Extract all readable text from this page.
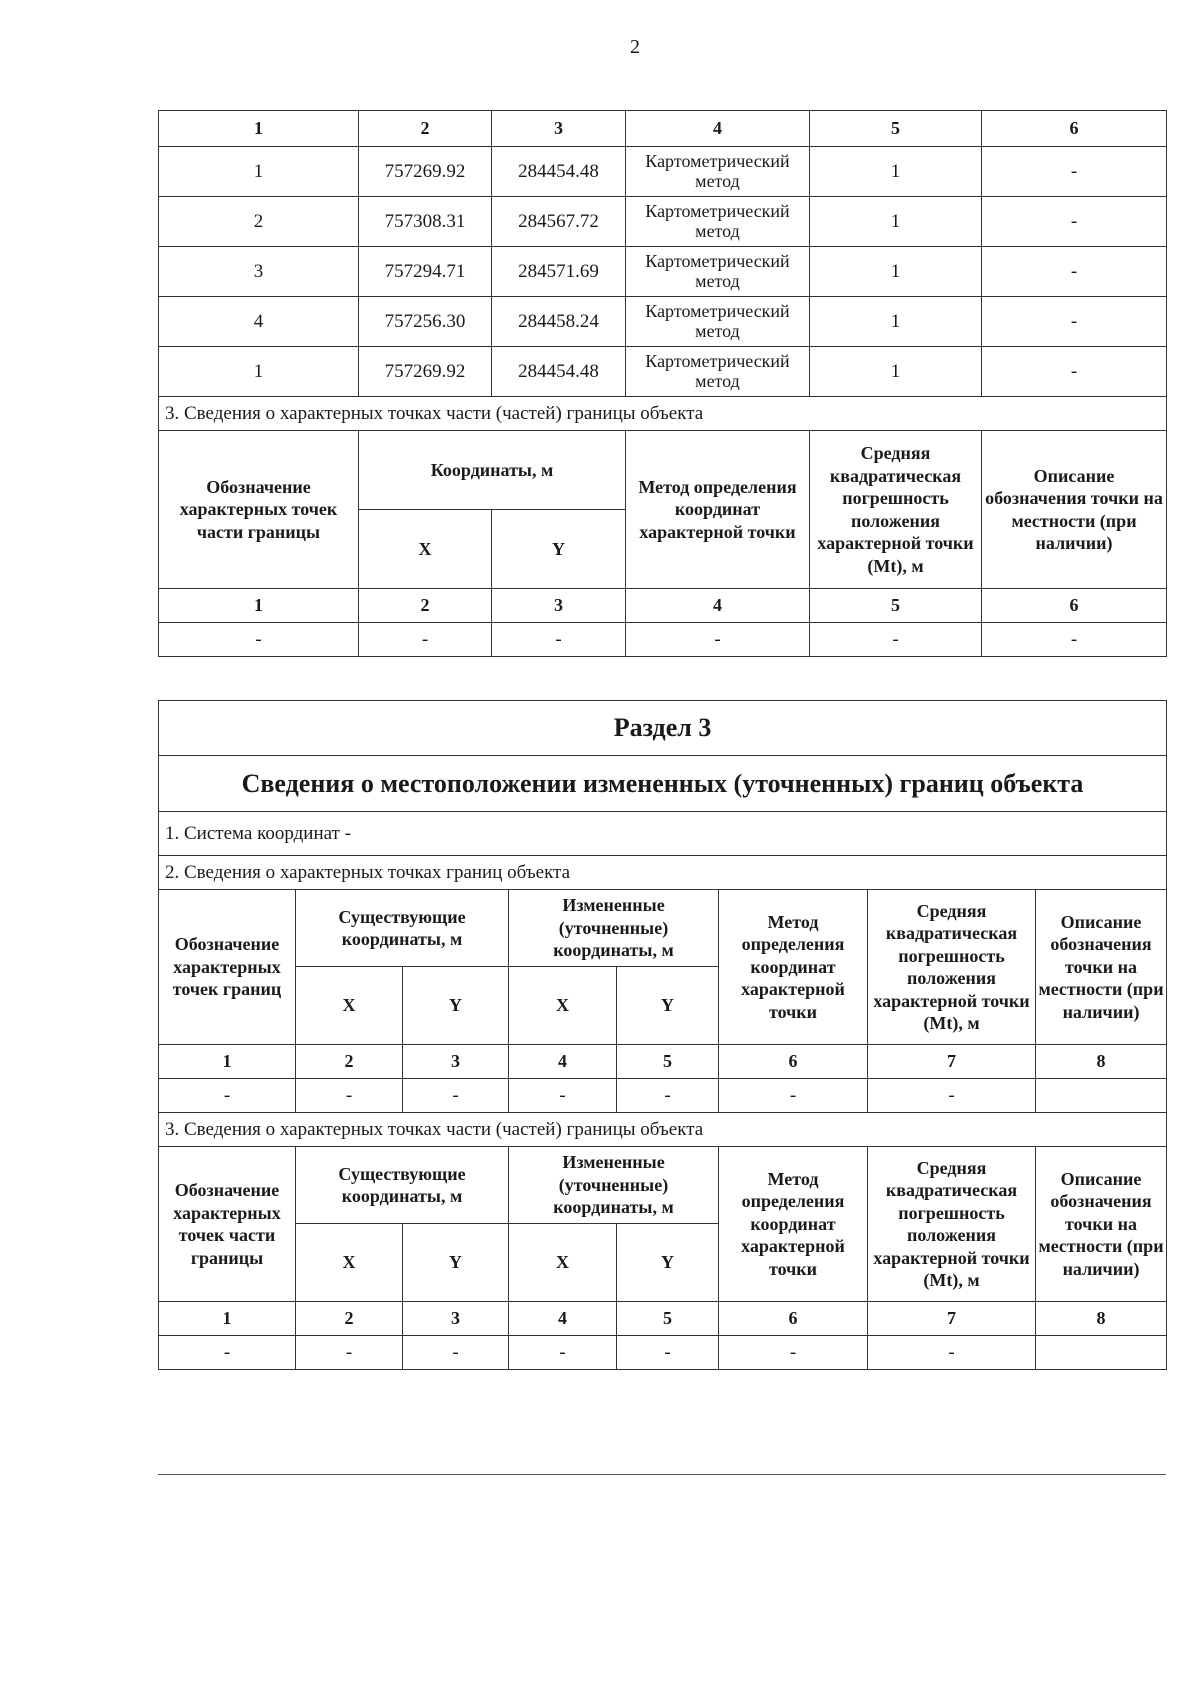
2
1	2	3	4	5	6
1	757269.92	284454.48	Картометрический метод	1	-
2	757308.31	284567.72	Картометрический метод	1	-
3	757294.71	284571.69	Картометрический метод	1	-
4	757256.30	284458.24	Картометрический метод	1	-
1	757269.92	284454.48	Картометрический метод	1	-
3. Сведения о характерных точках части (частей) границы объекта					
Обозначение характерных точек части границы	Координаты, м		Метод определения координат характерной точки	Средняя квадратическая погрешность положения характерной точки (Mt), м	Описание обозначения точки на местности (при наличии)
	X	Y			
1	2	3	4	5	6
-	-	-	-	-	-
Раздел 3							
Сведения о местоположении измененных (уточненных) границ объекта							
1. Система координат -							
2. Сведения о характерных точках границ объекта							
Обозначение характерных точек границ	Существующие координаты, м		Измененные (уточненные) координаты, м		Метод определения координат характерной точки	Средняя квадратическая погрешность положения характерной точки (Mt), м	Описание обозначения точки на местности (при наличии)
	X	Y	X	Y			
1	2	3	4	5	6	7	8
-	-	-	-	-	-	-	
3. Сведения о характерных точках части (частей) границы объекта							
Обозначение характерных точек части границы	Существующие координаты, м		Измененные (уточненные) координаты, м		Метод определения координат характерной точки	Средняя квадратическая погрешность положения характерной точки (Mt), м	Описание обозначения точки на местности (при наличии)
	X	Y	X	Y			
1	2	3	4	5	6	7	8
-	-	-	-	-	-	-	
